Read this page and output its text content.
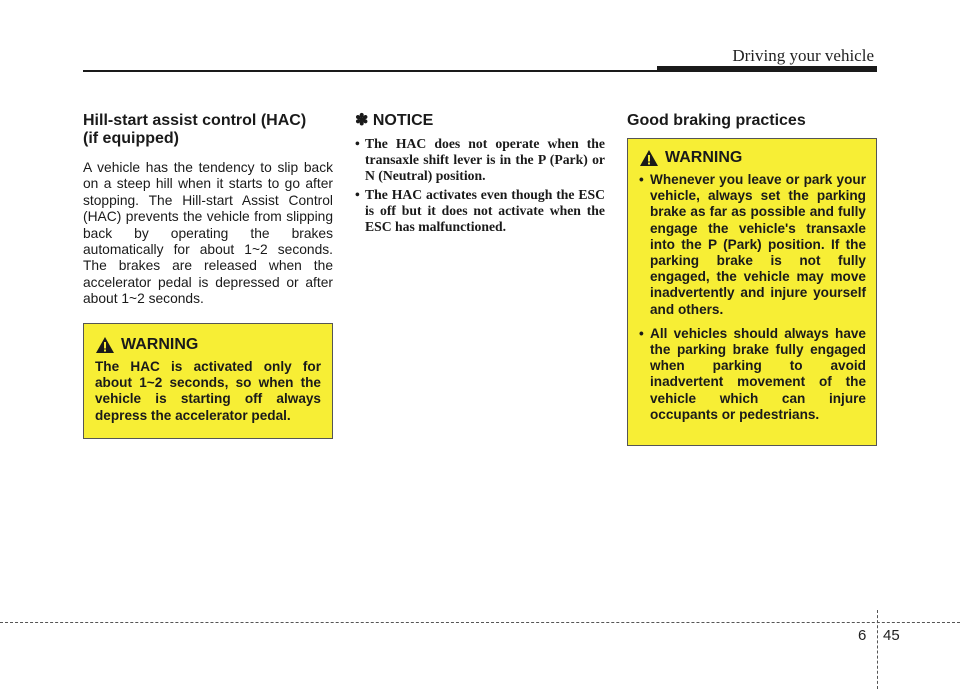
Driving your vehicle
Hill-start assist control (HAC)
(if equipped)

A vehicle has the tendency to slip back on a steep hill when it starts to go after stopping. The Hill-start Assist Control (HAC) prevents the vehicle from slipping back by operating the brakes automatically for about 1~2 seconds. The brakes are released when the accelerator pedal is depressed or after about 1~2 seconds.

WARNING

The HAC is activated only for about 1~2 seconds, so when the vehicle is starting off always depress the accelerator pedal.

✽ NOTICE
• The HAC does not operate when the transaxle shift lever is in the P (Park) or N (Neutral) position.
• The HAC activates even though the ESC is off but it does not activate when the ESC has malfunctioned.
Good braking practices
WARNING
• Whenever you leave or park your vehicle, always set the parking brake as far as possible and fully engage the vehicle's transaxle into the P (Park) position. If the parking brake is not fully engaged, the vehicle may move inadvertently and injure yourself and others.
• All vehicles should always have the parking brake fully engaged when parking to avoid inadvertent movement of the vehicle which can injure occupants or pedestrians.
6 45
